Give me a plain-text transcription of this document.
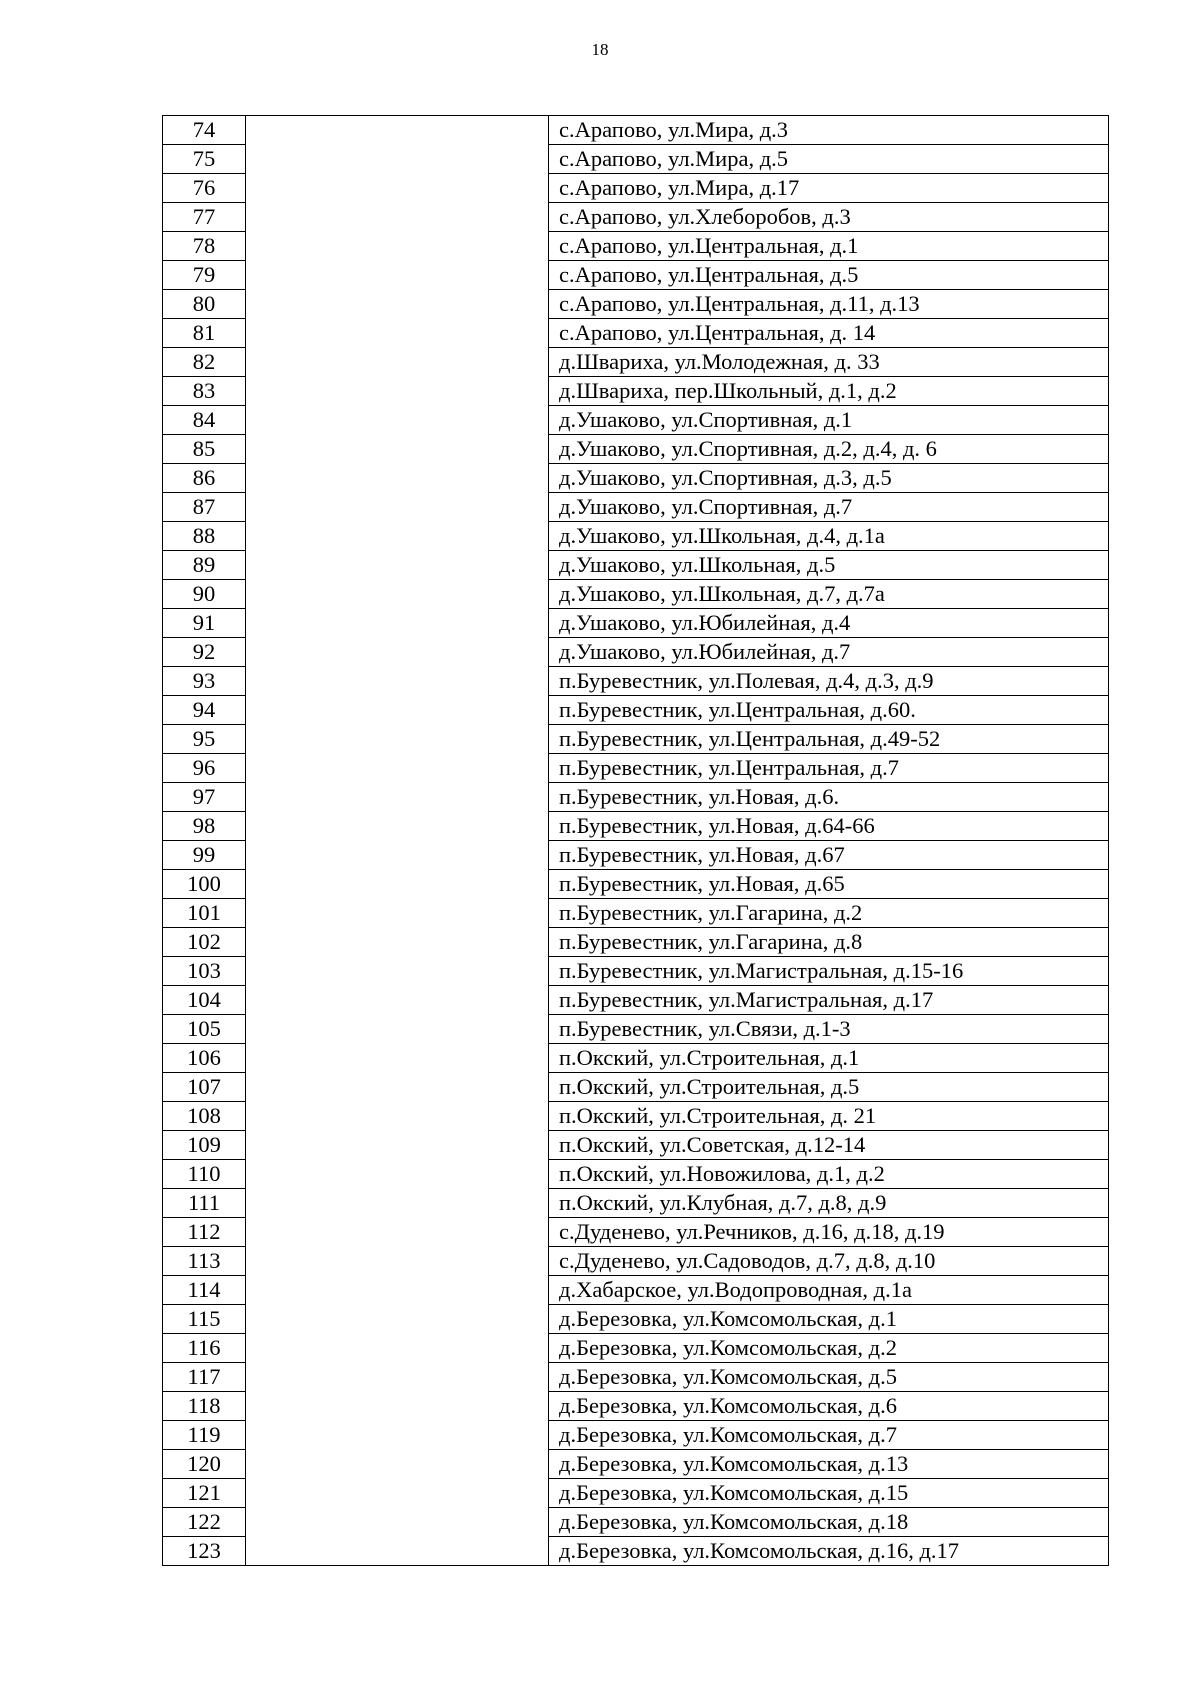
18
74		с.Арапово, ул.Мира, д.3
75		с.Арапово, ул.Мира, д.5
76		с.Арапово, ул.Мира, д.17
77		с.Арапово, ул.Хлеборобов, д.3
78		с.Арапово, ул.Центральная, д.1
79		с.Арапово, ул.Центральная, д.5
80		с.Арапово, ул.Центральная, д.11, д.13
81		с.Арапово, ул.Центральная, д. 14
82		д.Швариха, ул.Молодежная, д. 33
83		д.Швариха, пер.Школьный, д.1, д.2
84		д.Ушаково, ул.Спортивная, д.1
85		д.Ушаково, ул.Спортивная, д.2, д.4, д. 6
86		д.Ушаково, ул.Спортивная, д.3, д.5
87		д.Ушаково, ул.Спортивная, д.7
88		д.Ушаково, ул.Школьная, д.4, д.1а
89		д.Ушаково, ул.Школьная, д.5
90		д.Ушаково, ул.Школьная, д.7, д.7а
91		д.Ушаково, ул.Юбилейная, д.4
92		д.Ушаково, ул.Юбилейная, д.7
93		п.Буревестник, ул.Полевая, д.4, д.3, д.9
94		п.Буревестник, ул.Центральная, д.60.
95		п.Буревестник, ул.Центральная, д.49-52
96		п.Буревестник, ул.Центральная, д.7
97		п.Буревестник, ул.Новая, д.6.
98		п.Буревестник, ул.Новая, д.64-66
99		п.Буревестник, ул.Новая, д.67
100		п.Буревестник, ул.Новая, д.65
101		п.Буревестник, ул.Гагарина, д.2
102		п.Буревестник, ул.Гагарина, д.8
103		п.Буревестник, ул.Магистральная, д.15-16
104		п.Буревестник, ул.Магистральная, д.17
105		п.Буревестник, ул.Связи, д.1-3
106		п.Окский, ул.Строительная, д.1
107		п.Окский, ул.Строительная, д.5
108		п.Окский, ул.Строительная, д. 21
109		п.Окский, ул.Советская, д.12-14
110		п.Окский, ул.Новожилова, д.1, д.2
111		п.Окский, ул.Клубная, д.7, д.8, д.9
112		с.Дуденево, ул.Речников, д.16, д.18, д.19
113		с.Дуденево, ул.Садоводов, д.7, д.8, д.10
114		д.Хабарское, ул.Водопроводная, д.1а
115		д.Березовка, ул.Комсомольская, д.1
116		д.Березовка, ул.Комсомольская, д.2
117		д.Березовка, ул.Комсомольская, д.5
118		д.Березовка, ул.Комсомольская, д.6
119		д.Березовка, ул.Комсомольская, д.7
120		д.Березовка, ул.Комсомольская, д.13
121		д.Березовка, ул.Комсомольская, д.15
122		д.Березовка, ул.Комсомольская, д.18
123		д.Березовка, ул.Комсомольская, д.16, д.17
